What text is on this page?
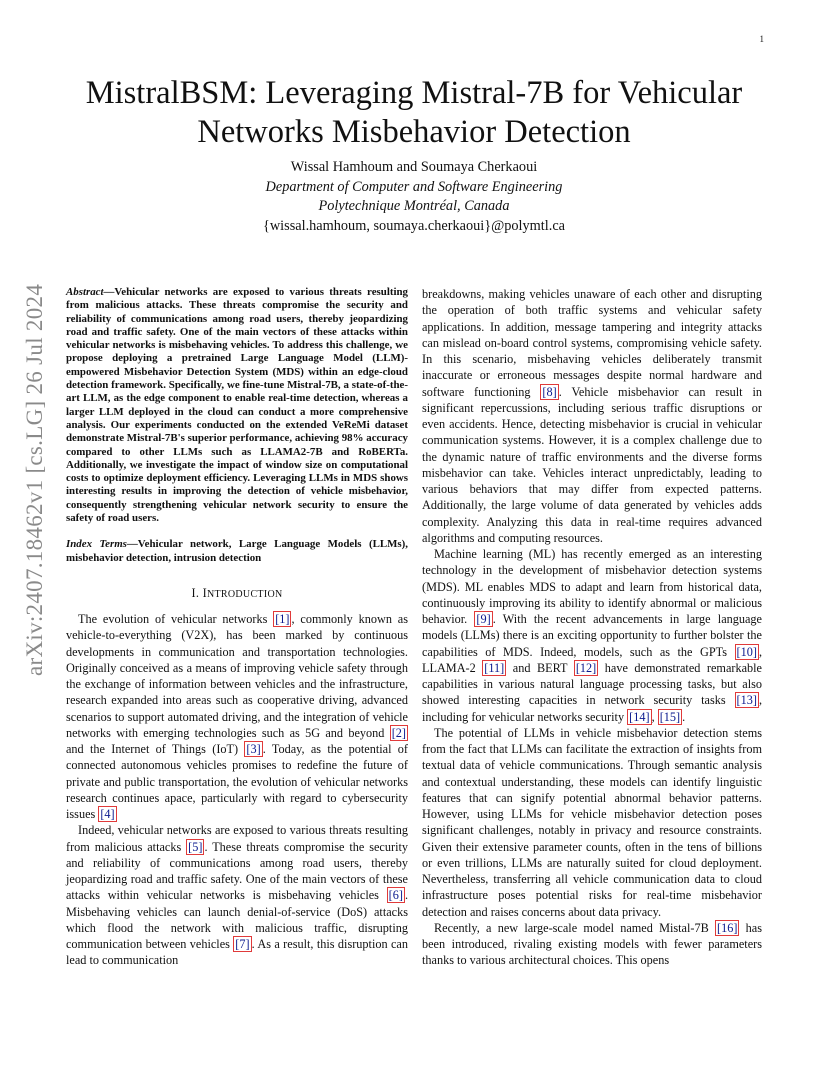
1
arXiv:2407.18462v1 [cs.LG] 26 Jul 2024
MistralBSM: Leveraging Mistral-7B for Vehicular Networks Misbehavior Detection
Wissal Hamhoum and Soumaya Cherkaoui
Department of Computer and Software Engineering
Polytechnique Montréal, Canada
{wissal.hamhoum, soumaya.cherkaoui}@polymtl.ca

Abstract—Vehicular networks are exposed to various threats resulting from malicious attacks. These threats compromise the security and reliability of communications among road users, thereby jeopardizing road and traffic safety. One of the main vectors of these attacks within vehicular networks is misbehaving vehicles. To address this challenge, we propose deploying a pretrained Large Language Model (LLM)-empowered Misbehavior Detection System (MDS) within an edge-cloud detection framework. Specifically, we fine-tune Mistral-7B, a state-of-the-art LLM, as the edge component to enable real-time detection, whereas a larger LLM deployed in the cloud can conduct a more comprehensive analysis. Our experiments conducted on the extended VeReMi dataset demonstrate Mistral-7B's superior performance, achieving 98% accuracy compared to other LLMs such as LLAMA2-7B and RoBERTa. Additionally, we investigate the impact of window size on computational costs to optimize deployment efficiency. Leveraging LLMs in MDS shows interesting results in improving the detection of vehicle misbehavior, consequently strengthening vehicular network security to ensure the safety of road users.

Index Terms—Vehicular network, Large Language Models (LLMs), misbehavior detection, intrusion detection

I. INTRODUCTION

The evolution of vehicular networks [1] , commonly known as vehicle-to-everything (V2X), has been marked by continuous developments in communication and transportation technologies. Originally conceived as a means of improving vehicle safety through the exchange of information between vehicles and the infrastructure, research expanded into areas such as cooperative driving, advanced scenarios to support automated driving, and the integration of vehicle networks with emerging technologies such as 5G and beyond [2] and the Internet of Things (IoT) [3] . Today, as the potential of connected autonomous vehicles promises to redefine the future of private and public transportation, the evolution of vehicular networks research continues apace, particularly with regard to cybersecurity issues [4]

Indeed, vehicular networks are exposed to various threats resulting from malicious attacks [5] . These threats compromise the security and reliability of communications among road users, thereby jeopardizing road and traffic safety. One of the main vectors of these attacks within vehicular networks is misbehaving vehicles [6] . Misbehaving vehicles can launch denial-of-service (DoS) attacks which flood the network with malicious traffic, disrupting communication between vehicles [7] . As a result, this disruption can lead to communication

breakdowns, making vehicles unaware of each other and disrupting the operation of both traffic systems and vehicular safety applications. In addition, message tampering and integrity attacks can mislead on-board control systems, compromising vehicle safety. In this scenario, misbehaving vehicles deliberately transmit inaccurate or erroneous messages despite normal hardware and software functioning [8] . Vehicle misbehavior can result in significant repercussions, including serious traffic disruptions or even accidents. Hence, detecting misbehavior is crucial in vehicular communication systems. However, it is a complex challenge due to the dynamic nature of traffic environments and the diverse forms misbehavior can take. Vehicles interact unpredictably, leading to various behaviors that may differ from expected patterns. Additionally, the large volume of data generated by vehicles adds complexity. Analyzing this data in real-time requires advanced algorithms and computing resources.

Machine learning (ML) has recently emerged as an interesting technology in the development of misbehavior detection systems (MDS). ML enables MDS to adapt and learn from historical data, continuously improving its ability to identify abnormal or malicious behavior. [9] . With the recent advancements in large language models (LLMs) there is an exciting opportunity to further bolster the capabilities of MDS. Indeed, models, such as the GPTs [10] , LLAMA-2 [11] and BERT [12] have demonstrated remarkable capabilities in various natural language processing tasks, but also showed interesting capacities in network security tasks [13] , including for vehicular networks security [14] , [15] .

The potential of LLMs in vehicle misbehavior detection stems from the fact that LLMs can facilitate the extraction of insights from textual data of vehicle communications. Through semantic analysis and contextual understanding, these models can identify linguistic features that can signify potential abnormal behavior patterns. However, using LLMs for vehicle misbehavior detection poses significant challenges, notably in privacy and resource constraints. Given their extensive parameter counts, often in the tens of billions or even trillions, LLMs are naturally suited for cloud deployment. Nevertheless, transferring all vehicle communication data to cloud infrastructure poses potential risks for real-time misbehavior detection and raises concerns about data privacy.

Recently, a new large-scale model named Mistal-7B [16] has been introduced, rivaling existing models with fewer parameters thanks to various architectural choices. This opens
